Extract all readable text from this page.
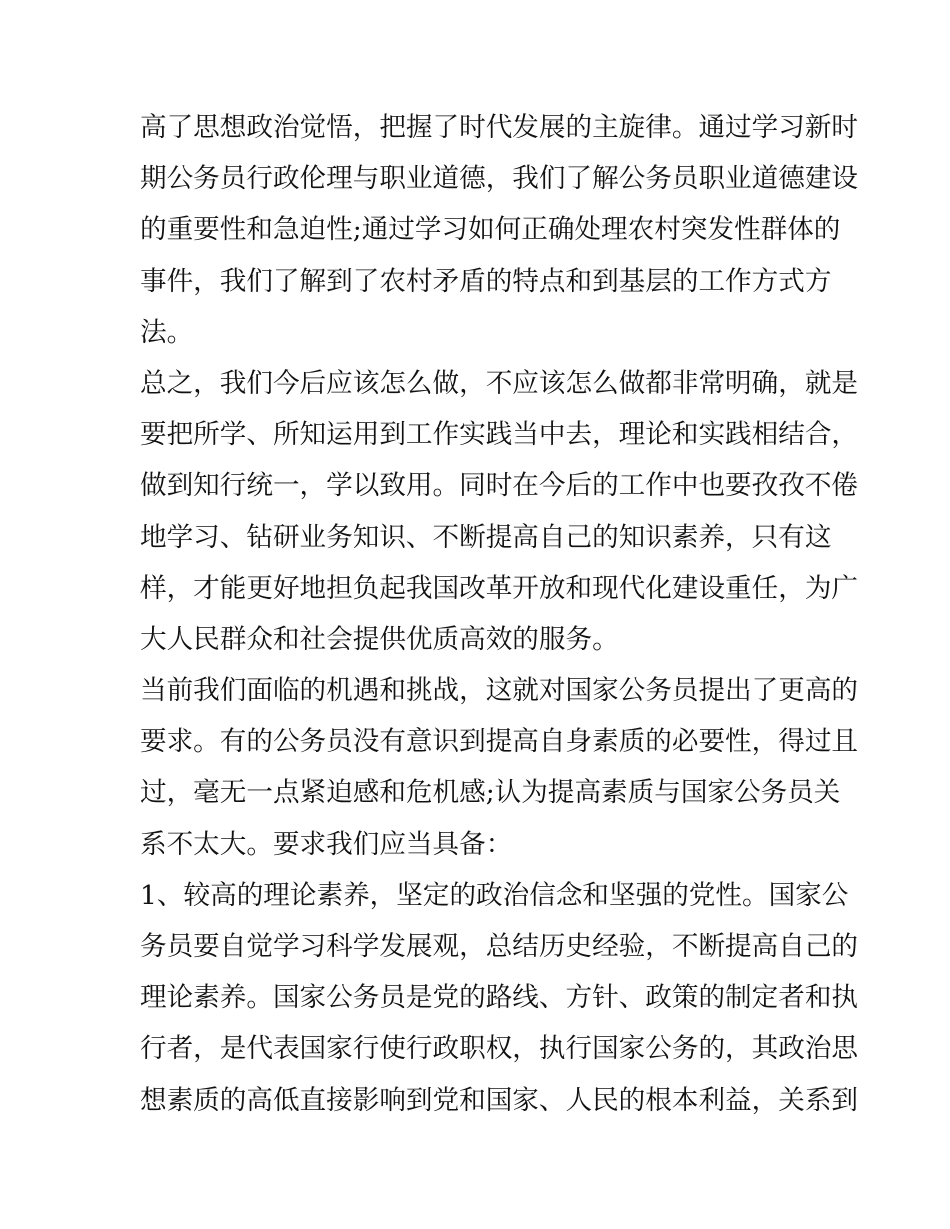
高了思想政治觉悟，把握了时代发展的主旋律。通过学习新时
期公务员行政伦理与职业道德，我们了解公务员职业道德建设
的重要性和急迫性;通过学习如何正确处理农村突发性群体的
事件，我们了解到了农村矛盾的特点和到基层的工作方式方
法。
总之，我们今后应该怎么做，不应该怎么做都非常明确，就是
要把所学、所知运用到工作实践当中去，理论和实践相结合，
做到知行统一，学以致用。同时在今后的工作中也要孜孜不倦
地学习、钻研业务知识、不断提高自己的知识素养，只有这
样，才能更好地担负起我国改革开放和现代化建设重任，为广
大人民群众和社会提供优质高效的服务。
当前我们面临的机遇和挑战，这就对国家公务员提出了更高的
要求。有的公务员没有意识到提高自身素质的必要性，得过且
过，毫无一点紧迫感和危机感;认为提高素质与国家公务员关
系不太大。要求我们应当具备：
1、较高的理论素养，坚定的政治信念和坚强的党性。国家公
务员要自觉学习科学发展观，总结历史经验，不断提高自己的
理论素养。国家公务员是党的路线、方针、政策的制定者和执
行者，是代表国家行使行政职权，执行国家公务的，其政治思
想素质的高低直接影响到党和国家、人民的根本利益，关系到
